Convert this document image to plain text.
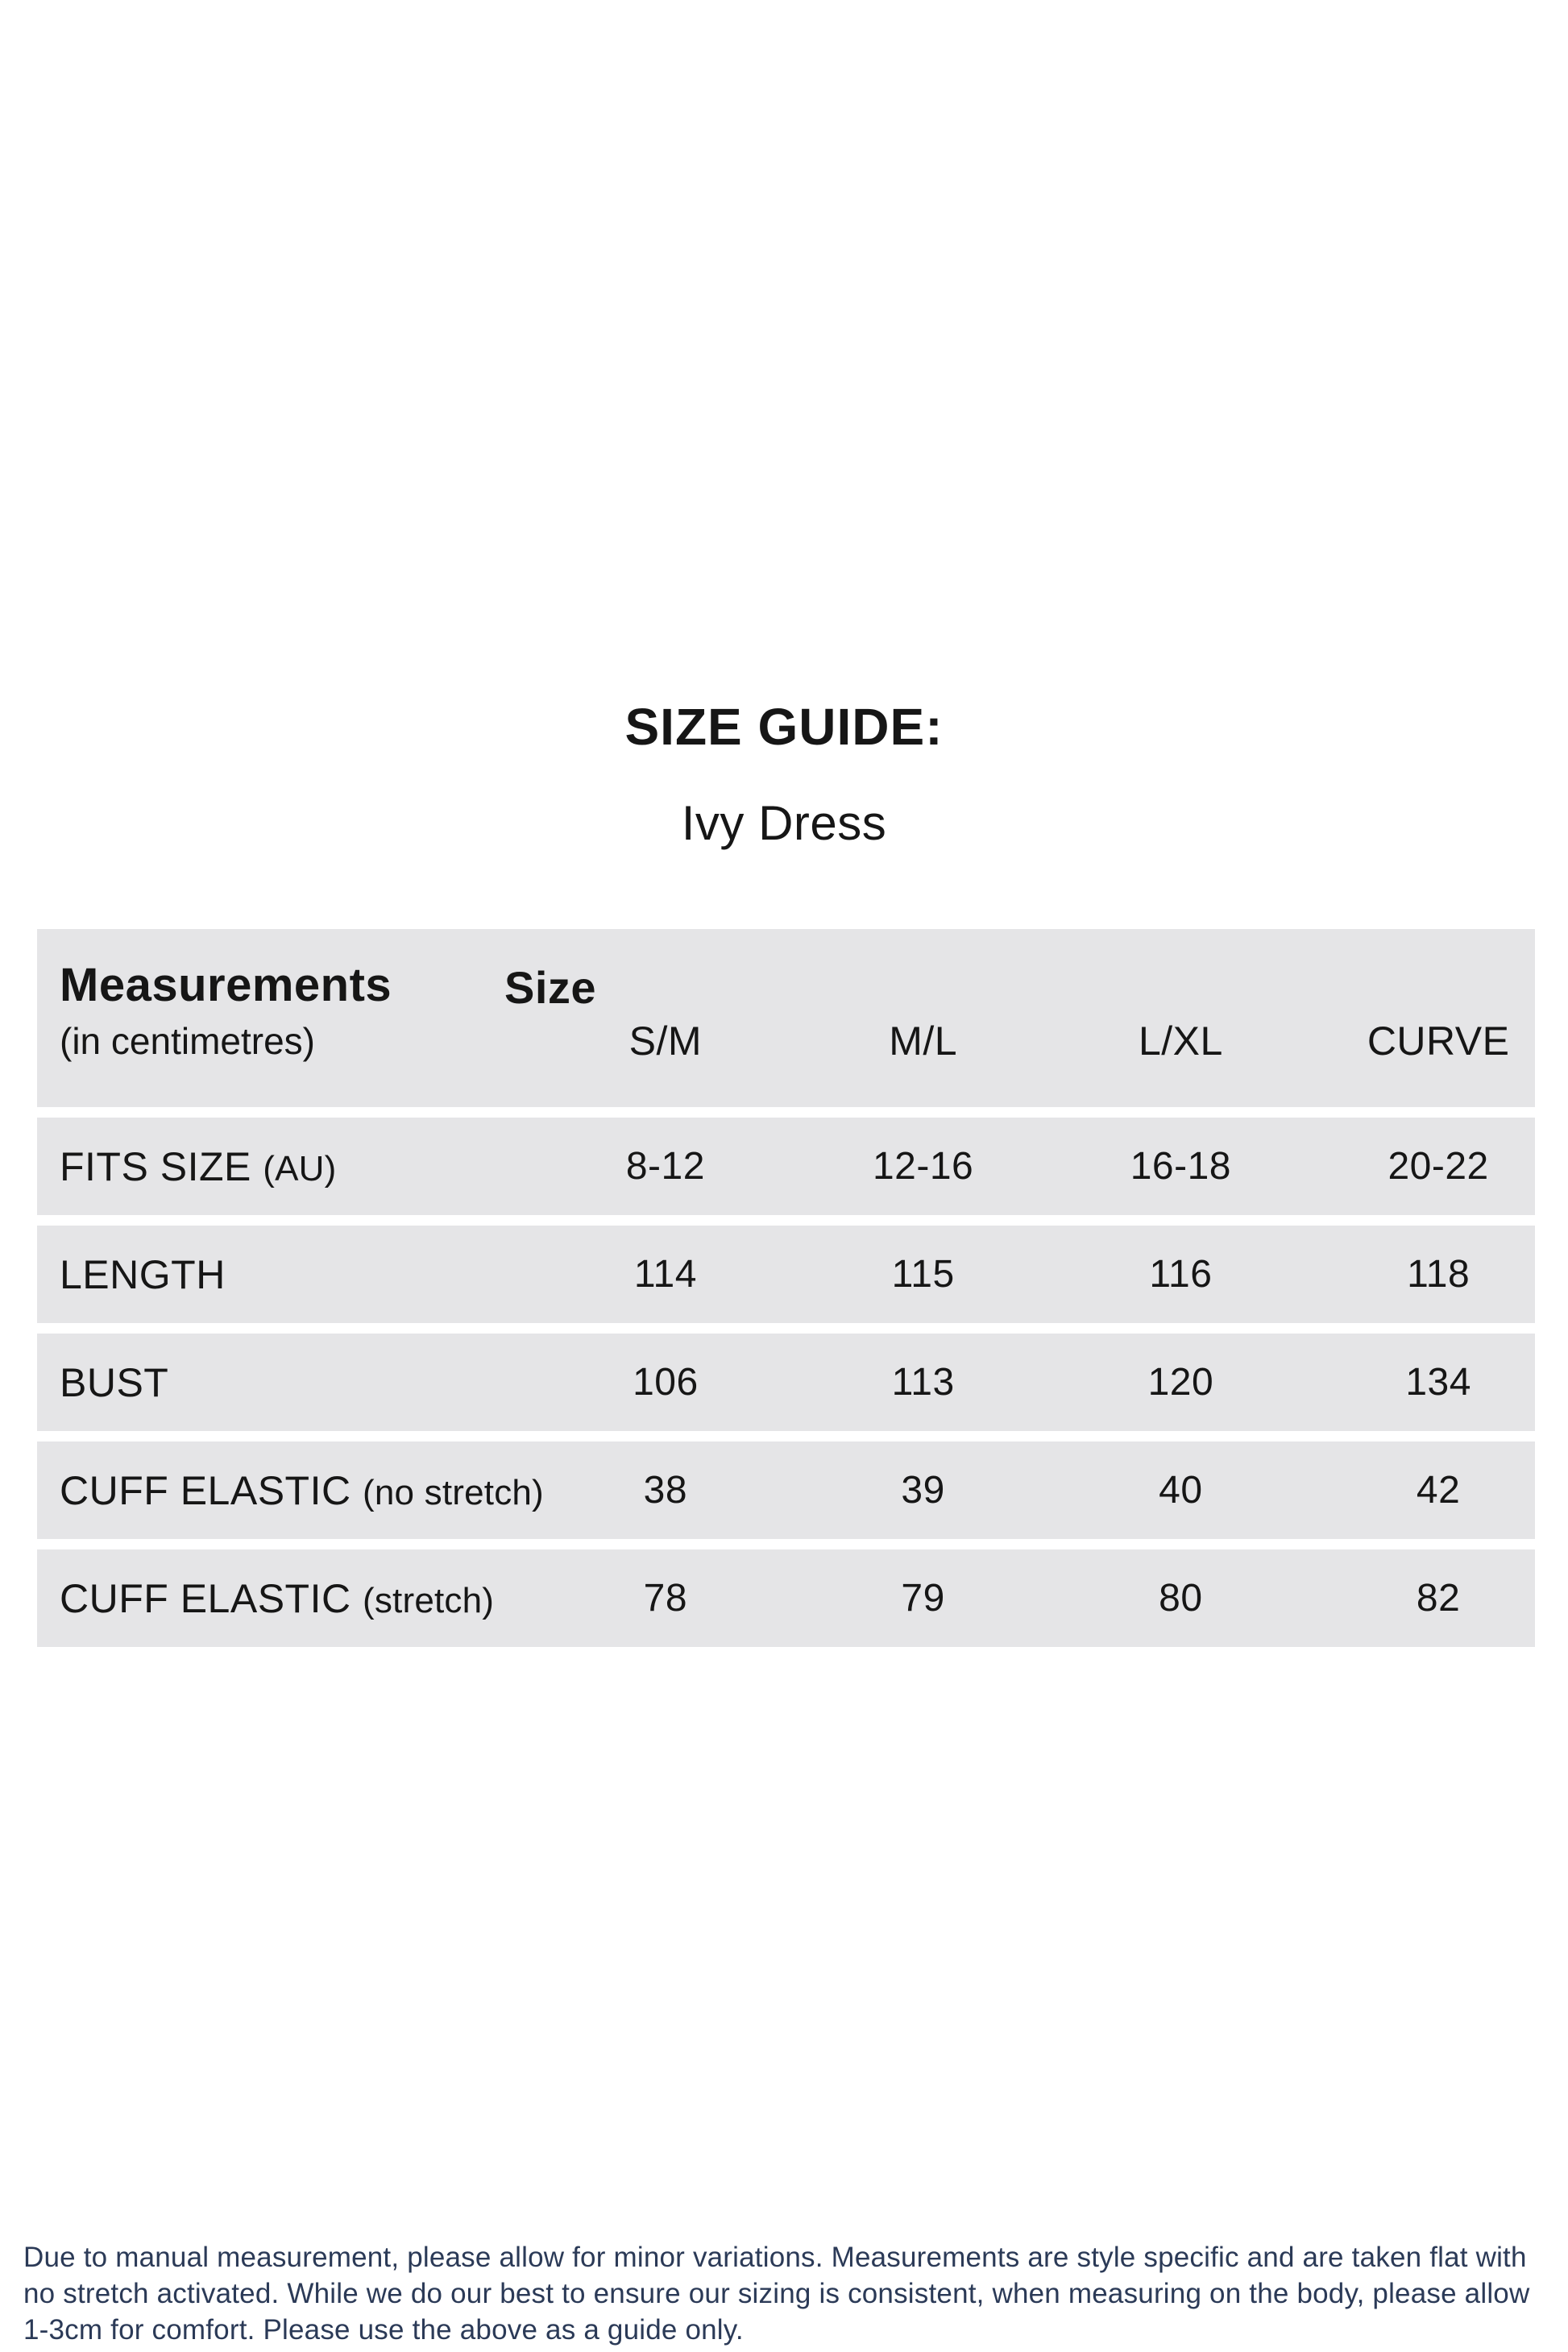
SIZE GUIDE:
Ivy Dress
Measurements	Size
(in centimetres)	S/M	M/L	L/XL	CURVE
FITS SIZE (AU)	8-12	12-16	16-18	20-22
LENGTH	114	115	116	118
BUST	106	113	120	134
CUFF ELASTIC (no stretch)	38	39	40	42
CUFF ELASTIC (stretch)	78	79	80	82
Due to manual measurement, please allow for minor variations. Measurements are style specific and are taken flat with
no stretch activated. While we do our best to ensure our sizing is consistent, when measuring on the body, please allow
1-3cm for comfort. Please use the above as a guide only.
